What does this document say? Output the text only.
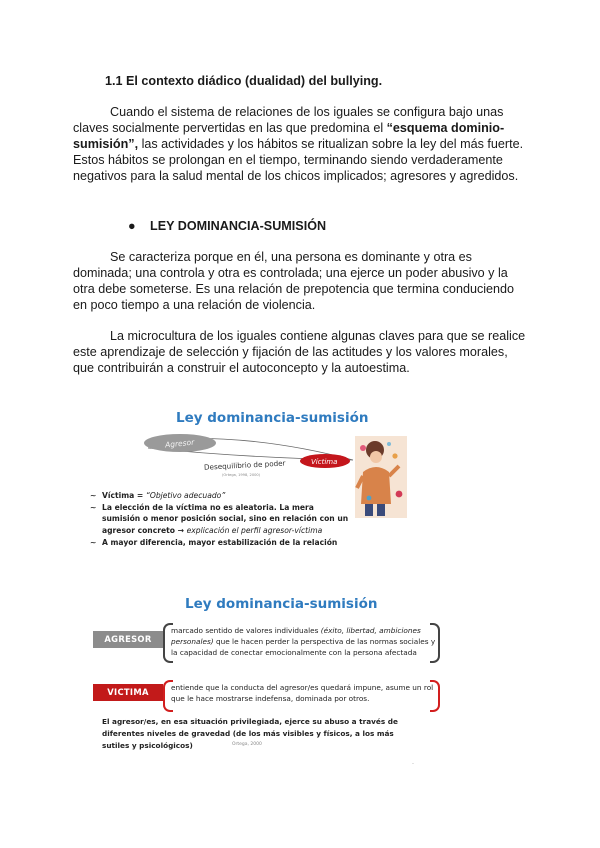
1.1 El contexto diádico (dualidad) del bullying.

Cuando el sistema de relaciones de los iguales se configura bajo unas claves socialmente pervertidas en las que predomina el “esquema dominio-sumisión”, las actividades y los hábitos se ritualizan sobre la ley del más fuerte. Estos hábitos se prolongan en el tiempo, terminando siendo verdaderamente negativos para la salud mental de los chicos implicados; agresores y agredidos.

● LEY DOMINANCIA-SUMISIÓN

Se caracteriza porque en él, una persona es dominante y otra es dominada; una controla y otra es controlada; una ejerce un poder abusivo y la otra debe someterse. Es una relación de prepotencia que termina conduciendo en poco tiempo a una relación de violencia.

La microcultura de los iguales contiene algunas claves para que se realice este aprendizaje de selección y fijación de las actitudes y los valores morales, que contribuirán a construir el autoconcepto y la autoestima.

Ley dominancia-sumisión
Agresor
Víctima
Desequilibrio de poder
(Ortega, 1998, 2000)
∼ Víctima = “Objetivo adecuado”
∼ La elección de la víctima no es aleatoria. La mera sumisión o menor posición social, sino en relación con un agresor concreto → explicación el perfil agresor-víctima
∼ A mayor diferencia, mayor estabilización de la relación
Ley dominancia-sumisión
AGRESOR
marcado sentido de valores individuales (éxito, libertad, ambiciones personales) que le hacen perder la perspectiva de las normas sociales y la capacidad de conectar emocionalmente con la persona afectada
VICTIMA	entiende que la conducta del agresor/es quedará impune, asume un rol que le hace mostrarse indefensa, dominada por otros.
El agresor/es, en esa situación privilegiada, ejerce su abuso a través de diferentes niveles de gravedad (de los más visibles y físicos, a los más sutiles y psicológicos)	Ortega, 2000
·
